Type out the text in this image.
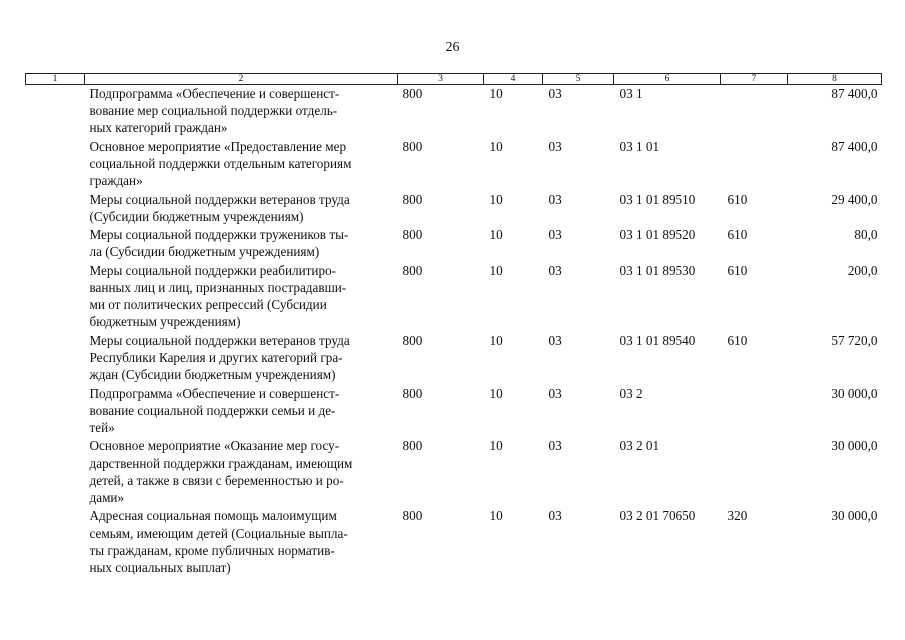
26
1	2	3	4	5	6	7	8

	Подпрограмма «Обеспечение и совершенст-
вование мер социальной поддержки отдель-
ных категорий граждан»	800	10	03	03 1		87 400,0

	Основное мероприятие «Предоставление мер
социальной поддержки отдельным категориям
граждан»	800	10	03	03 1 01		87 400,0

	Меры социальной поддержки ветеранов труда
(Субсидии бюджетным учреждениям)	800	10	03	03 1 01 89510	610	29 400,0

	Меры социальной поддержки тружеников ты-
ла (Субсидии бюджетным учреждениям)	800	10	03	03 1 01 89520	610	80,0

	Меры социальной поддержки реабилитиро-
ванных лиц и лиц, признанных пострадавши-
ми от политических репрессий (Субсидии
бюджетным учреждениям)	800	10	03	03 1 01 89530	610	200,0

	Меры социальной поддержки ветеранов труда
Республики Карелия и других категорий гра-
ждан (Субсидии бюджетным учреждениям)	800	10	03	03 1 01 89540	610	57 720,0

	Подпрограмма «Обеспечение и совершенст-
вование социальной поддержки семьи и де-
тей»	800	10	03	03 2		30 000,0

	Основное мероприятие «Оказание мер госу-
дарственной поддержки гражданам, имеющим
детей, а также в связи с беременностью и ро-
дами»	800	10	03	03 2 01		30 000,0

	Адресная социальная помощь малоимущим
семьям, имеющим детей (Социальные выпла-
ты гражданам, кроме публичных норматив-
ных социальных выплат)	800	10	03	03 2 01 70650	320	30 000,0
